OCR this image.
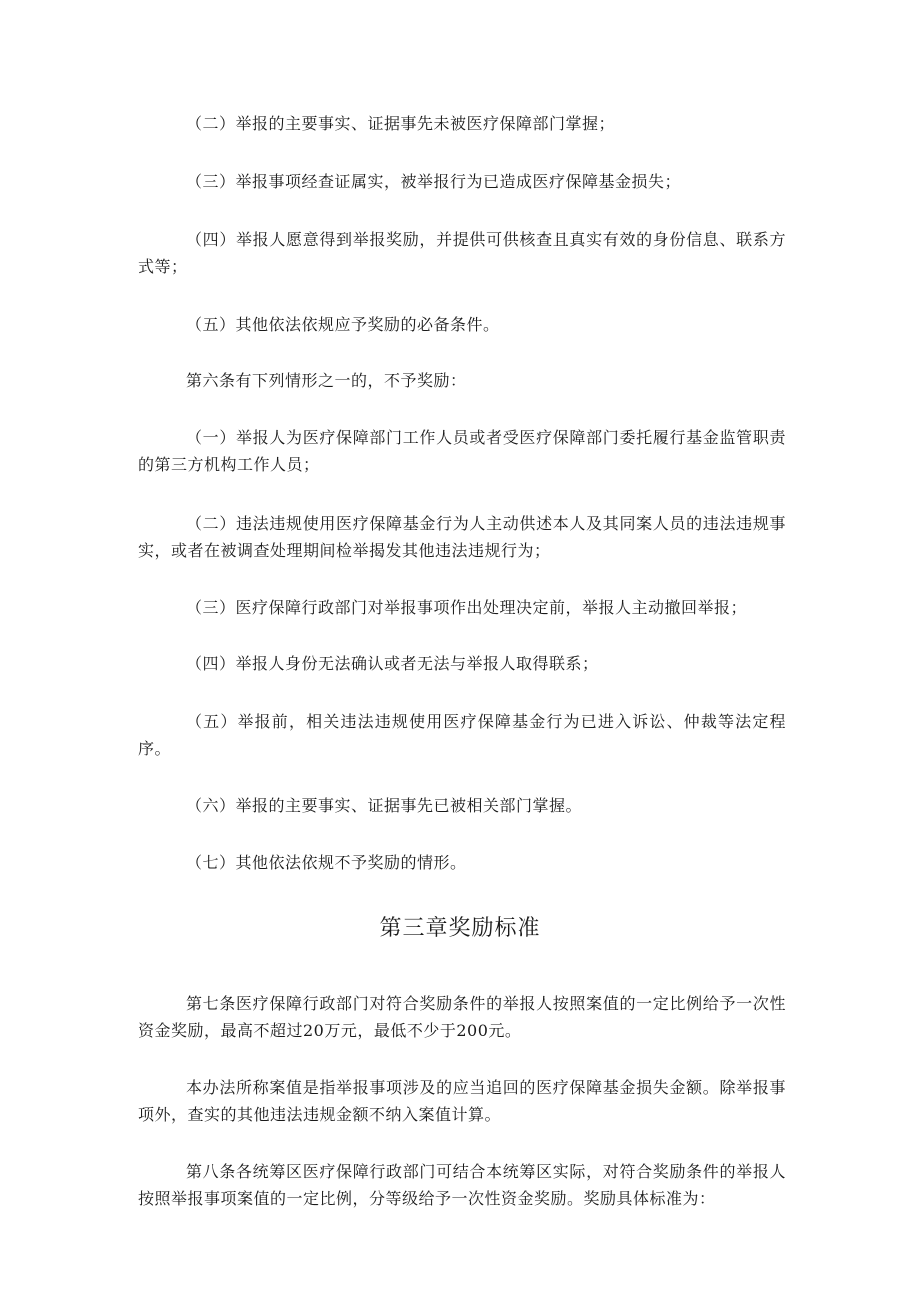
（二）举报的主要事实、证据事先未被医疗保障部门掌握；

（三）举报事项经查证属实，被举报行为已造成医疗保障基金损失；

（四）举报人愿意得到举报奖励，并提供可供核查且真实有效的身份信息、联系方式等；

（五）其他依法依规应予奖励的必备条件。

第六条有下列情形之一的，不予奖励：

（一）举报人为医疗保障部门工作人员或者受医疗保障部门委托履行基金监管职责的第三方机构工作人员；

（二）违法违规使用医疗保障基金行为人主动供述本人及其同案人员的违法违规事实，或者在被调查处理期间检举揭发其他违法违规行为；

（三）医疗保障行政部门对举报事项作出处理决定前，举报人主动撤回举报；

（四）举报人身份无法确认或者无法与举报人取得联系；

（五）举报前，相关违法违规使用医疗保障基金行为已进入诉讼、仲裁等法定程序。

（六）举报的主要事实、证据事先已被相关部门掌握。

（七）其他依法依规不予奖励的情形。

第三章奖励标准

第七条医疗保障行政部门对符合奖励条件的举报人按照案值的一定比例给予一次性资金奖励，最高不超过20万元，最低不少于200元。

本办法所称案值是指举报事项涉及的应当追回的医疗保障基金损失金额。除举报事项外，查实的其他违法违规金额不纳入案值计算。

第八条各统筹区医疗保障行政部门可结合本统筹区实际，对符合奖励条件的举报人按照举报事项案值的一定比例，分等级给予一次性资金奖励。奖励具体标准为：
